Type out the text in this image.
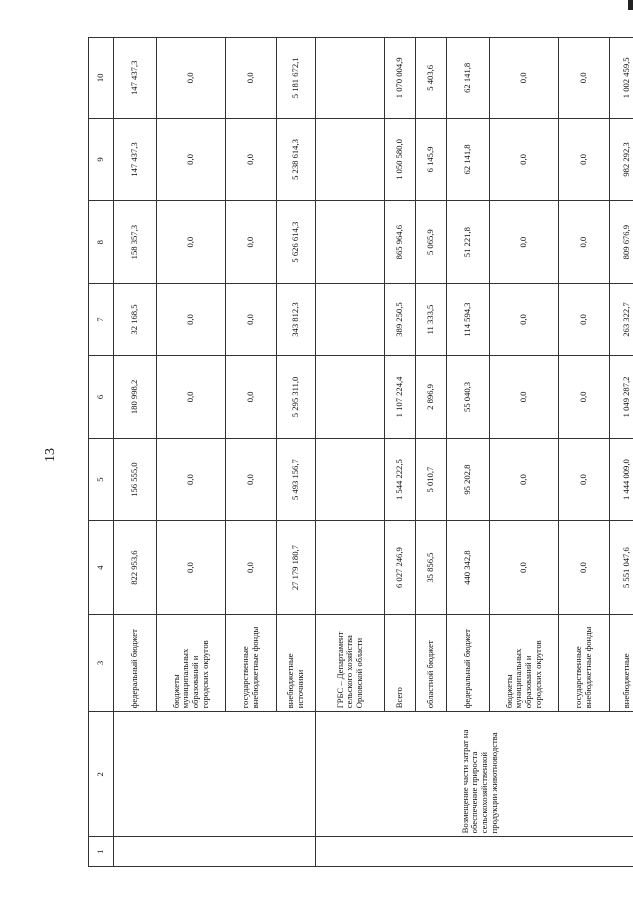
13
1	2	3	4	5	6	7	8	9	10
		федеральный бюджет	822 953,6	156 555,0	180 998,2	32 168,5	158 357,3	147 437,3	147 437,3
		бюджеты муниципальных образований и городских округов	0,0	0,0	0,0	0,0	0,0	0,0	0,0
		государственные внебюджетные фонды	0,0	0,0	0,0	0,0	0,0	0,0	0,0
		внебюджетные источники	27 179 180,7	5 493 156,7	5 295 311,0	343 812,3	5 626 614,3	5 238 614,3	5 181 672,1
	Возмещение части затрат на обеспечение прироста сельскохозяйственной продукции животноводства	ГРБС – Департамент сельского хозяйства Орловской области							
		Всего	6 027 246,9	1 544 222,5	1 107 224,4	389 250,5	865 964,6	1 050 580,0	1 070 004,9
		областной бюджет	35 856,5	5 010,7	2 896,9	11 333,5	5 065,9	6 145,9	5 403,6
		федеральный бюджет	440 342,8	95 202,8	55 040,3	114 594,3	51 221,8	62 141,8	62 141,8
		бюджеты муниципальных образований и городских округов	0,0	0,0	0,0	0,0	0,0	0,0	0,0
		государственные внебюджетные фонды	0,0	0,0	0,0	0,0	0,0	0,0	0,0
		внебюджетные	5 551 047,6	1 444 009,0	1 049 287,2	263 322,7	809 676,9	982 292,3	1 002 459,5
